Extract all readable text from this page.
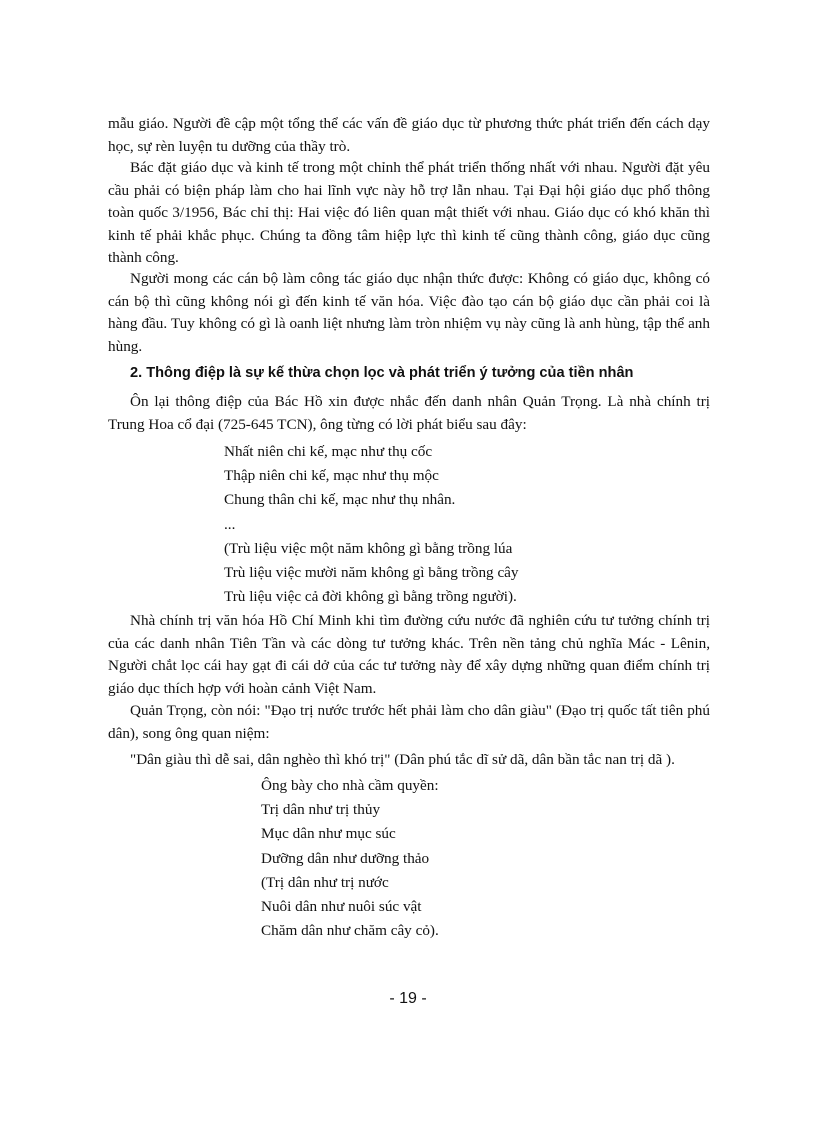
mẫu giáo. Người đề cập một tổng thể các vấn đề giáo dục từ phương thức phát triển đến cách dạy học, sự rèn luyện tu dưỡng của thầy trò.

Bác đặt giáo dục và kinh tế trong một chỉnh thể phát triển thống nhất với nhau. Người đặt yêu cầu phải có biện pháp làm cho hai lĩnh vực này hỗ trợ lẫn nhau. Tại Đại hội giáo dục phổ thông toàn quốc 3/1956, Bác chỉ thị: Hai việc đó liên quan mật thiết với nhau. Giáo dục có khó khăn thì kinh tế phải khắc phục. Chúng ta đồng tâm hiệp lực thì kinh tế cũng thành công, giáo dục cũng thành công.

Người mong các cán bộ làm công tác giáo dục nhận thức được: Không có giáo dục, không có cán bộ thì cũng không nói gì đến kinh tế văn hóa. Việc đào tạo cán bộ giáo dục cần phải coi là hàng đầu. Tuy không có gì là oanh liệt nhưng làm tròn nhiệm vụ này cũng là anh hùng, tập thể anh hùng.

2. Thông điệp là sự kế thừa chọn lọc và phát triển ý tưởng của tiền nhân

Ôn lại thông điệp của Bác Hồ xin được nhắc đến danh nhân Quản Trọng. Là nhà chính trị Trung Hoa cổ đại (725-645 TCN), ông từng có lời phát biểu sau đây:

Nhất niên chi kế, mạc như thụ cốc
Thập niên chi kế, mạc như thụ mộc
Chung thân chi kế, mạc như thụ nhân.
...
(Trù liệu việc một năm không gì bằng trồng lúa
Trù liệu việc mười năm không gì bằng trồng cây
Trù liệu việc cả đời không gì bằng trồng người).

Nhà chính trị văn hóa Hồ Chí Minh khi tìm đường cứu nước đã nghiên cứu tư tưởng chính trị của các danh nhân Tiên Tần và các dòng tư tưởng khác. Trên nền tảng chủ nghĩa Mác - Lênin, Người chắt lọc cái hay gạt đi cái dở của các tư tưởng này để xây dựng những quan điểm chính trị giáo dục thích hợp với hoàn cảnh Việt Nam.

Quản Trọng, còn nói: "Đạo trị nước trước hết phải làm cho dân giàu" (Đạo trị quốc tất tiên phú dân), song ông quan niệm:

"Dân giàu thì dễ sai, dân nghèo thì khó trị" (Dân phú tắc dĩ sử dã, dân bần tắc nan trị dã ).

Ông bày cho nhà cầm quyền:
Trị dân như trị thủy
Mục dân như mục súc
Dưỡng dân như dưỡng thảo
(Trị dân như trị nước
Nuôi dân như nuôi súc vật
Chăm dân như chăm cây cỏ).
- 19 -
